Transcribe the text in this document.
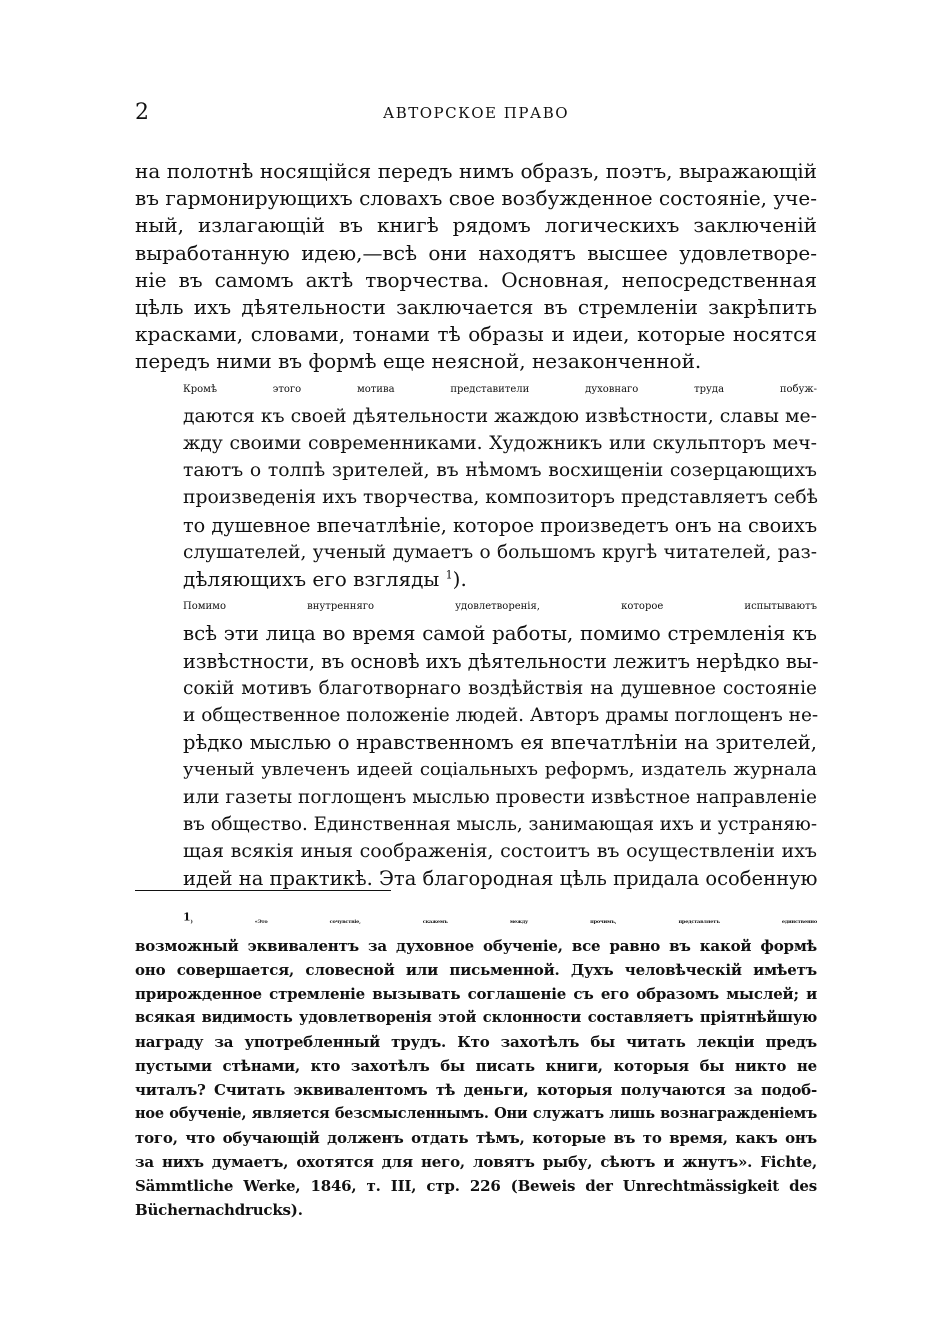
2	АВТОРСКОЕ ПРАВО

на полотнѣ носящійся передъ нимъ образъ, поэтъ, выражающій
въ гармонирующихъ словахъ свое возбужденное состояніе, уче-
ный, излагающій въ книгѣ рядомъ логическихъ заключеній
выработанную идею,—всѣ они находятъ высшее удовлетворе-
ніе въ самомъ актѣ творчества. Основная, непосредственная
цѣль ихъ дѣятельности заключается въ стремленіи закрѣпить
красками, словами, тонами тѣ образы и идеи, которые носятся
передъ ними въ формѣ еще неясной, незаконченной.

Кромѣ этого мотива представители духовнаго труда побуж-
даются къ своей дѣятельности жаждою извѣстности, славы ме-
жду своими современниками. Художникъ или скульпторъ меч-
таютъ о толпѣ зрителей, въ нѣмомъ восхищеніи созерцающихъ
произведенія ихъ творчества, композиторъ представляетъ себѣ
то душевное впечатлѣніе, которое произведетъ онъ на своихъ
слушателей, ученый думаетъ о большомъ кругѣ читателей, раз-
дѣляющихъ его взгляды $^1$).

Помимо внутренняго удовлетворенія, которое испытываютъ
всѣ эти лица во время самой работы, помимо стремленія къ
извѣстности, въ основѣ ихъ дѣятельности лежитъ нерѣдко вы-
сокій мотивъ благотворнаго воздѣйствія на душевное состояніе
и общественное положеніе людей. Авторъ драмы поглощенъ не-
рѣдко мыслью о нравственномъ ея впечатлѣніи на зрителей,
ученый увлеченъ идеей соціальныхъ реформъ, издатель журнала
или газеты поглощенъ мыслью провести извѣстное направленіе
въ общество. Единственная мысль, занимающая ихъ и устраняю-
щая всякія иныя соображенія, состоитъ въ осуществленіи ихъ
идей на практикѣ. Эта благородная цѣль придала особенную

$^1$)	«Это сочувствіе, скажемъ между прочимъ, представляетъ единственно
возможный эквивалентъ за духовное обученіе, все равно въ какой формѣ
оно совершается, словесной или письменной. Духъ человѣческій имѣетъ
прирожденное стремленіе вызывать соглашеніе съ его образомъ мыслей; и
всякая видимость удовлетворенія этой склонности составляетъ пріятнѣйшую
награду за употребленный трудъ. Кто захотѣлъ бы читать лекціи предъ
пустыми стѣнами, кто захотѣлъ бы писать книги, которыя бы никто не
читалъ? Считать эквивалентомъ тѣ деньги, которыя получаются за подоб-
ное обученіе, является безсмысленнымъ. Они служатъ лишь вознагражденіемъ
того, что обучающій долженъ отдать тѣмъ, которые въ то время, какъ онъ
за нихъ думаетъ, охотятся для него, ловятъ рыбу, сѣютъ и жнутъ». Fichte,
Sämmtliche Werke, 1846, т. III, стр. 226 (Beweis der Unrechtmässigkeit des
Büchernachdrucks).
